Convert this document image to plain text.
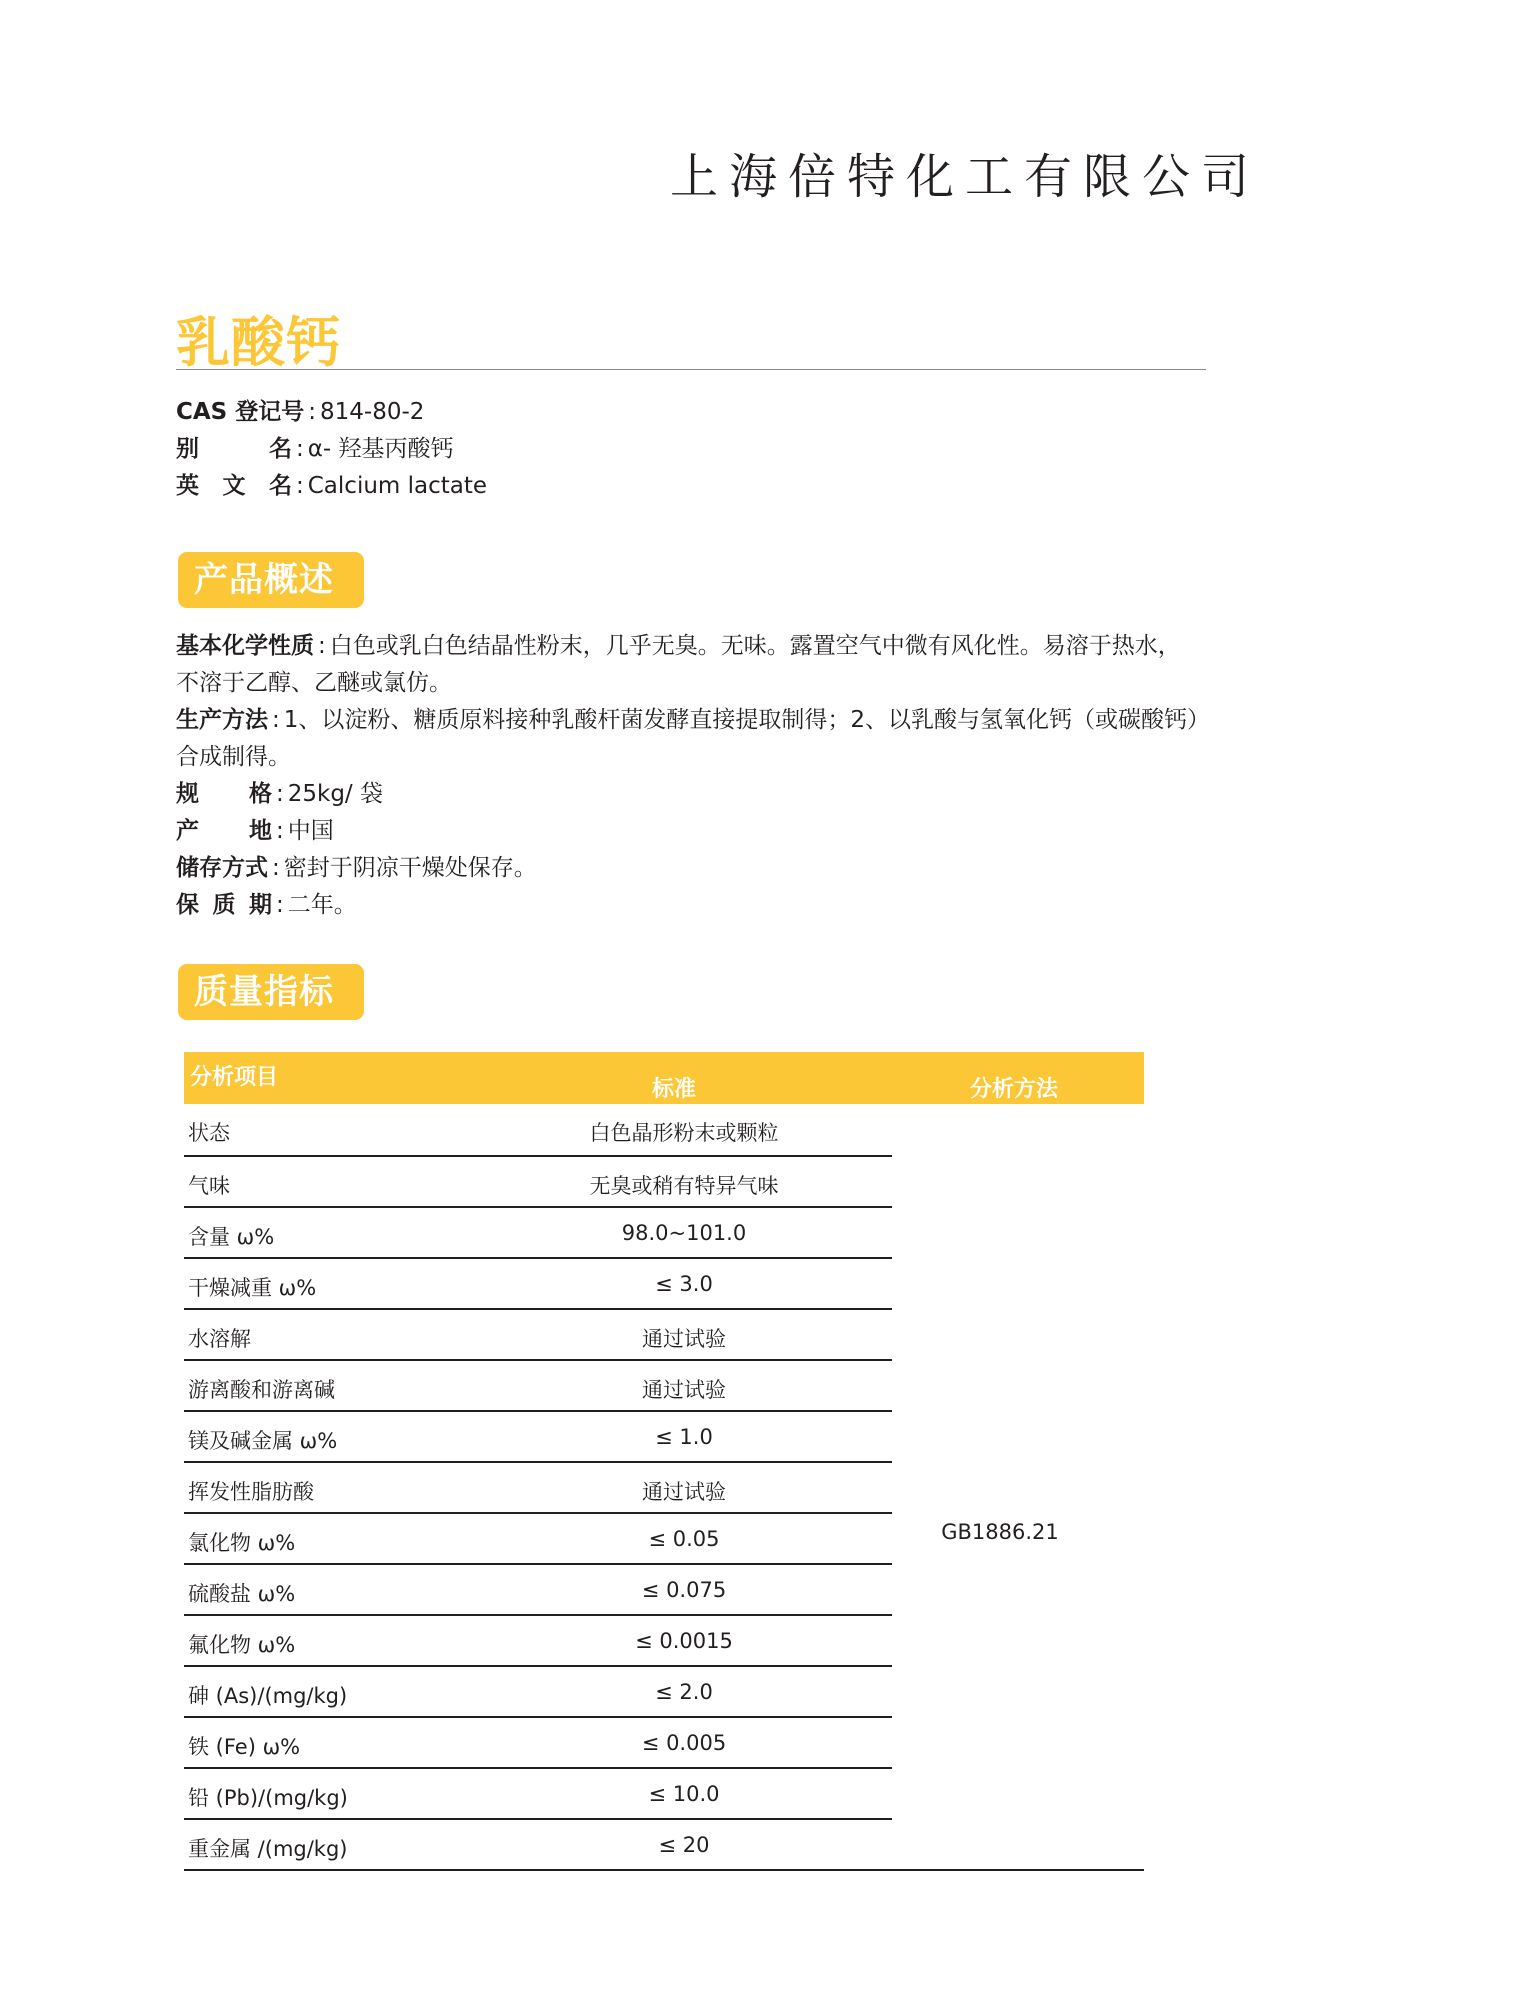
上海倍特化工有限公司
乳酸钙
CAS 登记号 : 814-80-2
别	名 : α- 羟基丙酸钙
英 文 名 : Calcium lactate
产品概述

基本化学性质 : 白色或乳白色结晶性粉末，几乎无臭。无味。露置空气中微有风化性。易溶于热水，

不溶于乙醇、乙醚或氯仿。

生产方法 : 1、以淀粉、糖质原料接种乳酸杆菌发酵直接提取制得；2、以乳酸与氢氧化钙（或碳酸钙）

合成制得。

规 格 : 25kg/ 袋

产 地 : 中国

储存方式 : 密封于阴凉干燥处保存。

保 质 期 : 二年。

质量指标
分析项目	标准	分析方法
GB1886.21
状态	白色晶形粉末或颗粒
气味	无臭或稍有特异气味
含量 ω%	98.0~101.0
干燥减重 ω%	≤ 3.0
水溶解	通过试验
游离酸和游离碱	通过试验
镁及碱金属 ω%	≤ 1.0
挥发性脂肪酸	通过试验
氯化物 ω%	≤ 0.05
硫酸盐 ω%	≤ 0.075
氟化物 ω%	≤ 0.0015
砷 (As)/(mg/kg)	≤ 2.0
铁 (Fe) ω%	≤ 0.005
铅 (Pb)/(mg/kg)	≤ 10.0
重金属 /(mg/kg)	≤ 20
